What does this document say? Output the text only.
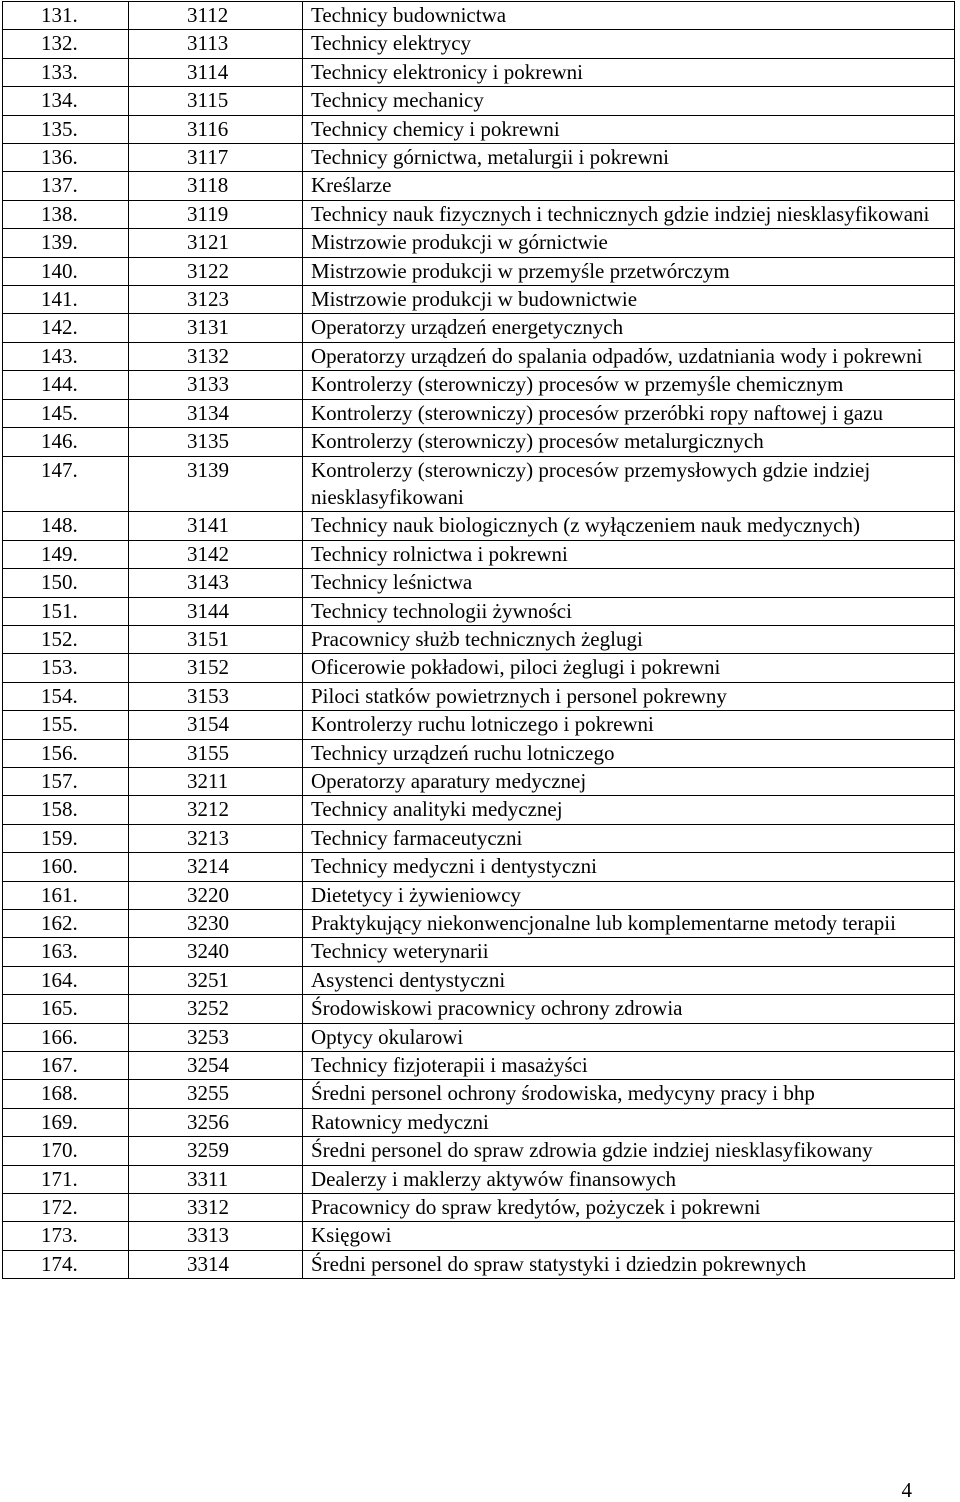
131.	3112	Technicy budownictwa
132.	3113	Technicy elektrycy
133.	3114	Technicy elektronicy i pokrewni
134.	3115	Technicy mechanicy
135.	3116	Technicy chemicy i pokrewni
136.	3117	Technicy górnictwa, metalurgii i pokrewni
137.	3118	Kreślarze
138.	3119	Technicy nauk fizycznych i technicznych gdzie indziej niesklasyfikowani
139.	3121	Mistrzowie produkcji w górnictwie
140.	3122	Mistrzowie produkcji w przemyśle przetwórczym
141.	3123	Mistrzowie produkcji w budownictwie
142.	3131	Operatorzy urządzeń energetycznych
143.	3132	Operatorzy urządzeń do spalania odpadów, uzdatniania wody i pokrewni
144.	3133	Kontrolerzy (sterowniczy) procesów w przemyśle chemicznym
145.	3134	Kontrolerzy (sterowniczy) procesów przeróbki ropy naftowej i gazu
146.	3135	Kontrolerzy (sterowniczy) procesów metalurgicznych
147.	3139	Kontrolerzy (sterowniczy) procesów przemysłowych gdzie indziej niesklasyfikowani
148.	3141	Technicy nauk biologicznych (z wyłączeniem nauk medycznych)
149.	3142	Technicy rolnictwa i pokrewni
150.	3143	Technicy leśnictwa
151.	3144	Technicy technologii żywności
152.	3151	Pracownicy służb technicznych żeglugi
153.	3152	Oficerowie pokładowi, piloci żeglugi i pokrewni
154.	3153	Piloci statków powietrznych i personel pokrewny
155.	3154	Kontrolerzy ruchu lotniczego i pokrewni
156.	3155	Technicy urządzeń ruchu lotniczego
157.	3211	Operatorzy aparatury medycznej
158.	3212	Technicy analityki medycznej
159.	3213	Technicy farmaceutyczni
160.	3214	Technicy medyczni i dentystyczni
161.	3220	Dietetycy i żywieniowcy
162.	3230	Praktykujący niekonwencjonalne lub komplementarne metody terapii
163.	3240	Technicy weterynarii
164.	3251	Asystenci dentystyczni
165.	3252	Środowiskowi pracownicy ochrony zdrowia
166.	3253	Optycy okularowi
167.	3254	Technicy fizjoterapii i masażyści
168.	3255	Średni personel ochrony środowiska, medycyny pracy i bhp
169.	3256	Ratownicy medyczni
170.	3259	Średni personel do spraw zdrowia gdzie indziej niesklasyfikowany
171.	3311	Dealerzy i maklerzy aktywów finansowych
172.	3312	Pracownicy do spraw kredytów, pożyczek i pokrewni
173.	3313	Księgowi
174.	3314	Średni personel do spraw statystyki i dziedzin pokrewnych
4
